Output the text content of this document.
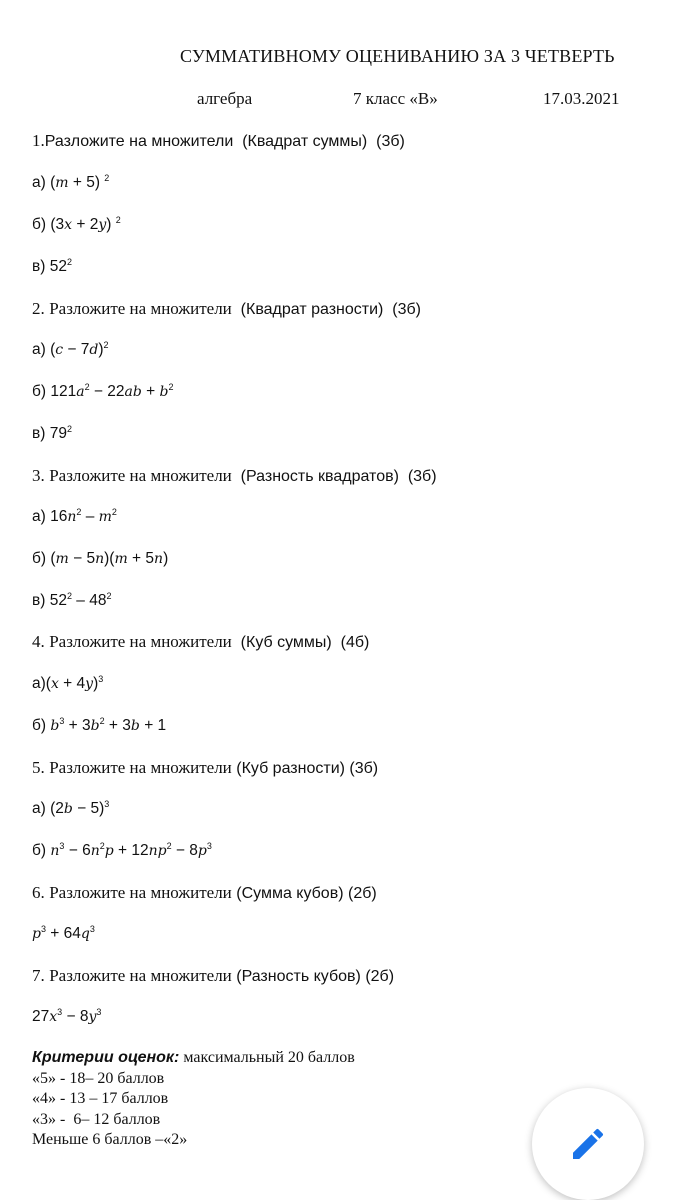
СУММАТИВНОМУ ОЦЕНИВАНИЮ ЗА 3 ЧЕТВЕРТЬ
алгебра	7 класс «В»	17.03.2021
1.Разложите на множители (Квадрат суммы) (3б)
а) (m + 5) $^2$
б) (3x + 2y) $^2$
в) $52^2$
2. Разложите на множители (Квадрат разности) (3б)
а) $(c - 7d)^2$
б) $121a^2 - 22ab + b^2$
в) $79^2$
3. Разложите на множители (Разность квадратов) (3б)
а) $16n^2 - m^2$
б) (m − 5n)(m + 5n)
в) $52^2 - 48^2$
4. Разложите на множители (Куб суммы) (4б)
$а)(x + 4y)^3$
б) $b^3 + 3b^2 + 3b + 1$
5. Разложите на множители (Куб разности) (3б)
а) $(2b - 5)^3$
б) $n^3 - 6n^2p + 12np^2 - 8p^3$
6. Разложите на множители (Сумма кубов) (2б)
$p^3 + 64q^3$
7. Разложите на множители (Разность кубов) (2б)
$27x^3 - 8y^3$
Критерии оценок: максимальный 20 баллов
«5» - 18– 20 баллов
«4» - 13 – 17 баллов
«3» -  6– 12 баллов
Меньше 6 баллов –«2»
